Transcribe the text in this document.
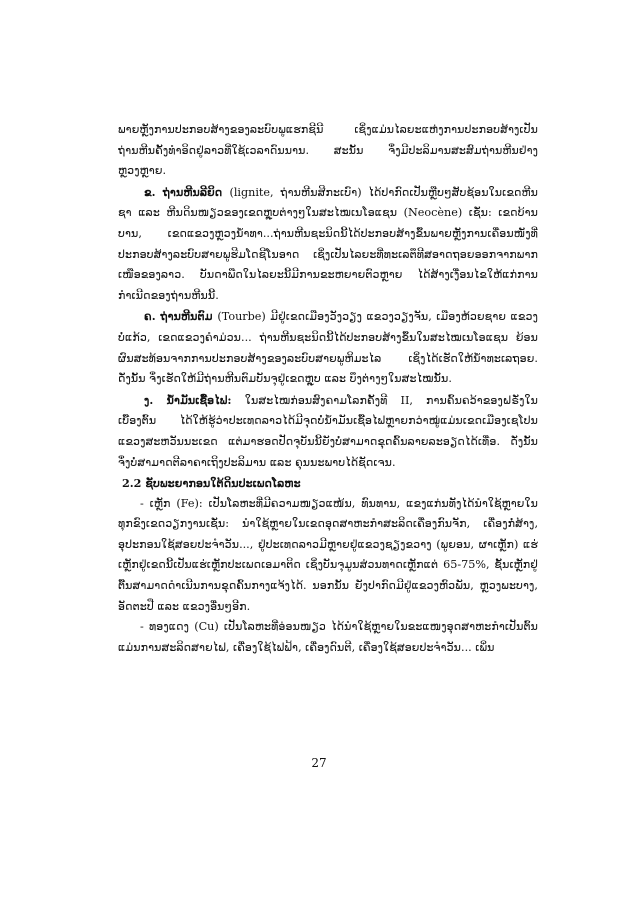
ພາຍຫຼັງການປະກອບສ້າງຂອງລະບົບພູແຮກຊີນີ ເຊິ່ງແມ່ນໄລຍະແຫ່ງການປະກອບສ້າງເປັນຖ່ານຫີນຄັ້ງທຳອິດຢູ່ລາວທີ່ໃຊ້ເວລາດົນນານ. ສະນັ້ນ ຈຶ່ງມີປະລິມານສະສົມຖ່ານຫີນຢ່າງຫຼວງຫຼາຍ.

ຂ. ຖ່ານຫີນລີຍິດ (lignite, ຖ່ານຫີນສີກະເບົາ) ໄດ້ປາກົດເປັນຫຼືບໆສັບຊ້ອນໃນເຂດຫີນຊາ ແລະ ຫີນດິນໜຽວຂອງເຂດຫຼຸບຕ່າງໆໃນສະໄໝເນໂອແຊນ (Neocène) ເຊັ່ນ: ເຂດບ້ານບານ, ເຂດແຂວງຫຼວງນ້ຳທາ...ຖ່ານຫີນຊະນິດນີ້ໄດ້ປະກອບສ້າງຂຶ້ນພາຍຫຼັງການເຄື່ອນໜັງທີ່ປະກອບສ້າງລະບົບສາຍພູຮີມໂດຊີໂນອາດ ເຊິ່ງເປັນໄລຍະທີ່ທະເລຕຶທີສອາດຖອຍອອກຈາກພາກເໜືອຂອງລາວ. ບັນດາພືດໃນໄລຍະນີ້ມີການຂະຫຍາຍຕົວຫຼາຍ ໄດ້ສ້າງເງື່ອນໄຂໃຫ້ແກ່ການກຳເນີດຂອງຖ່ານຫີນນີ້.

ຄ. ຖ່ານຫີນຕົມ (Tourbe) ມີຢູ່ເຂດເມືອງວັງວຽງ ແຂວງວຽງຈັນ, ເມືອງຫ້ວຍຊາຍ ແຂວງບໍ່ແກ້ວ, ເຂດແຂວງຄຳມ່ວນ... ຖ່ານຫີນຊະນິດນີ້ໄດ້ປະກອບສ້າງຂຶ້ນໃນສະໄໝເນໂອແຊນ ຍ້ອນຜົນສະທ້ອນຈາກການປະກອບສ້າງຂອງລະບົບສາຍພູຫິມະໄລ ເຊິ່ງໄດ້ເຮັດໃຫ້ນ້ຳທະເລຖອຍ. ດັ່ງນັ້ນ ຈຶ່ງເຮັດໃຫ້ມີຖ່ານຫີນຕົມບັນຈຸຢູ່ເຂດຫຼຸບ ແລະ ບຶງຕ່າງໆໃນສະໄໝນັ້ນ.

ງ. ນ້ຳມັນເຊື້ອໄຟ: ໃນສະໄໝກ່ອນສົງຄາມໂລກຄັ້ງທີ II, ການຄົ້ນຄວ້າຂອງຝຣັ່ງໃນເບື້ອງຕົ້ນ ໄດ້ໃຫ້ຮູ້ວ່າປະເທດລາວໄດ້ມີຈຸດບໍ່ນ້ຳມັນເຊື້ອໄຟຫຼາຍກວ່າໝູ່ແມ່ນເຂດເມືອງເຊໂປນແຂວງສະຫວັນນະເຂດ ແຕ່ມາຮອດປັດຈຸບັນນີ້ຍັງບໍ່ສາມາດຂຸດຄົ້ນລາຍລະອຽດໄດ້ເທື່ອ. ດັ່ງນັ້ນ ຈຶ່ງບໍ່ສາມາດຕີລາຄາເຖິງປະລິມານ ແລະ ຄຸນນະພາບໄດ້ຊັດເຈນ.

2.2 ຊັບພະຍາກອນໃຕ້ດິນປະເພດໂລຫະ

- ເຫຼັກ (Fe): ເປັນໂລຫະທີ່ມີຄວາມໜຽວແໜ້ນ, ທົນທານ, ແຂງແກ່ນທັງໄດ້ນຳໃຊ້ຫຼາຍໃນທຸກຂົງເຂດວຽກງານເຊັ່ນ: ນຳໃຊ້ຫຼາຍໃນເຂດອຸດສາຫະກຳສະລິດເຄື່ອງກົນຈັກ, ເຄື່ອງກໍ່ສ້າງ, ອຸປະກອນໃຊ້ສອຍປະຈຳວັນ..., ຢູ່ປະເທດລາວມີຫຼາຍຢູ່ແຂວງຊຽງຂວາງ (ພູຍອນ, ຜາເຫຼັກ) ແຮ່ເຫຼັກຢູ່ເຂດນີ້ເປັນແຮ່ເຫຼັກປະເພດເອມາຕິດ ເຊິ່ງບັນຈຸມູນສ່ວນທາດເຫຼັກແຕ່ 65-75%, ຊັ້ນເຫຼັກຢູ່ຕື້ນສາມາດດຳເນີນການຂຸດຄົ້ນກາງແຈ້ງໄດ້. ນອກນັ້ນ ຍັງປາກົດມີຢູ່ແຂວງຫົວພັນ, ຫຼວງພະບາງ, ອັດຕະປື ແລະ ແຂວງອື່ນໆອີກ.

- ທອງແດງ (Cu) ເປັນໂລຫະທີ່ອ່ອນໜຽວ ໄດ້ນຳໃຊ້ຫຼາຍໃນຂະແໜງອຸດສາຫະກຳເປັນຕົ້ນແມ່ນການສະລິດສາຍໄຟ, ເຄື່ອງໃຊ້ໄຟຟ້າ, ເຄື່ອງດົນຕີ, ເຄື່ອງໃຊ້ສອຍປະຈຳວັນ... ເພິ່ນ

27
